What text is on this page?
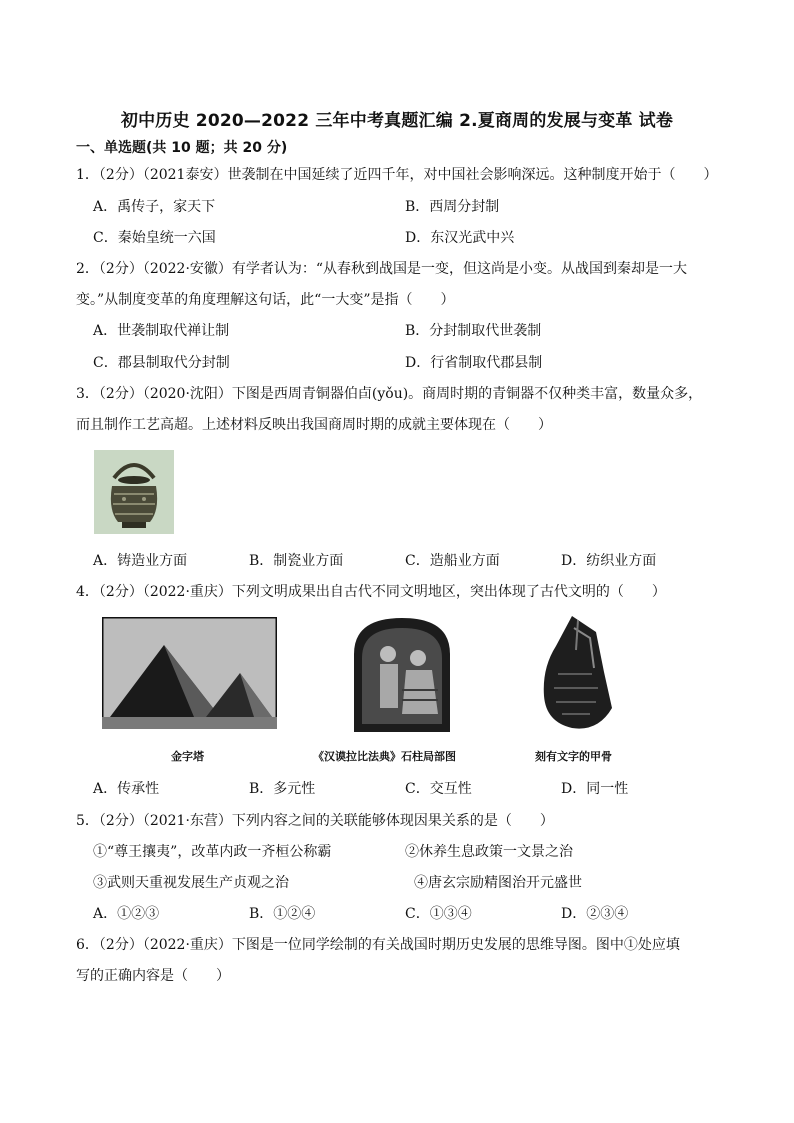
初中历史 2020—2022 三年中考真题汇编 2.夏商周的发展与变革 试卷
一、单选题(共 10 题；共 20 分)
1．（2分）（2021泰安）世袭制在中国延续了近四千年，对中国社会影响深远。这种制度开始于（　　）
A．禹传子，家天下	B．西周分封制
C．秦始皇统一六国	D．东汉光武中兴
2．（2分）（2022·安徽）有学者认为：“从春秋到战国是一变，但这尚是小变。从战国到秦却是一大
变。”从制度变革的角度理解这句话，此“一大变”是指（　　）
A．世袭制取代禅让制	B．分封制取代世袭制
C．郡县制取代分封制	D．行省制取代郡县制
3．（2分）（2020·沈阳）下图是西周青铜器伯卣(yǒu)。商周时期的青铜器不仅种类丰富，数量众多，
而且制作工艺高超。上述材料反映出我国商周时期的成就主要体现在（　　）
A．铸造业方面	B．制瓷业方面	C．造船业方面	D．纺织业方面
4．（2分）（2022·重庆）下列文明成果出自古代不同文明地区，突出体现了古代文明的（　　）
金字塔	《汉谟拉比法典》石柱局部图	刻有文字的甲骨
A．传承性	B．多元性	C．交互性	D．同一性
5．（2分）（2021·东营）下列内容之间的关联能够体现因果关系的是（　　）
①“尊王攘夷”，改革内政一齐桓公称霸	②休养生息政策一文景之治
③武则天重视发展生产贞观之治	④唐玄宗励精图治开元盛世
A．①②③	B．①②④	C．①③④	D．②③④
6．（2分）（2022·重庆）下图是一位同学绘制的有关战国时期历史发展的思维导图。图中①处应填
写的正确内容是（　　）
